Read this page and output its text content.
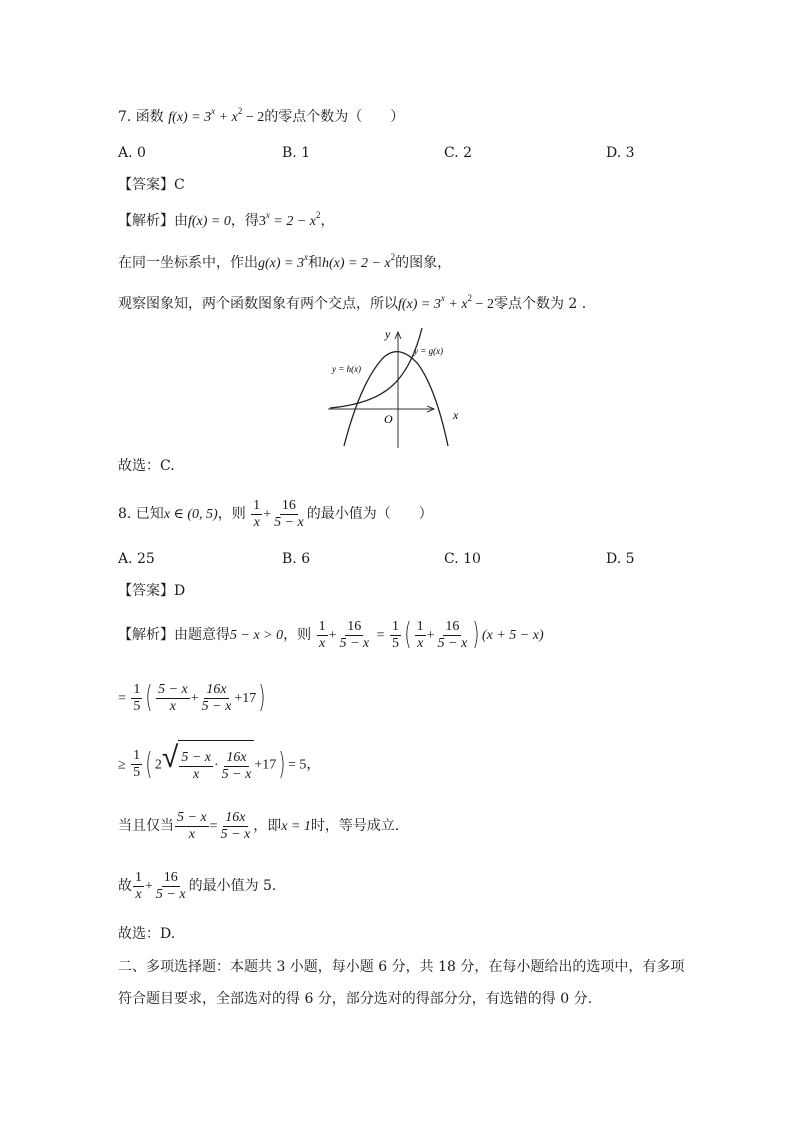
7. 函数 $f(x) = 3^x + x^2 - 2$的零点个数为（　　）
A. 0	B. 1	C. 2	D. 3
【答案】C
【解析】由f(x) = 0，得$3^x = 2 - x^2$，
在同一坐标系中，作出$g(x) = 3^x$和$h(x) = 2 - x^2$的图象，
观察图象知，两个函数图象有两个交点，所以$f(x) = 3^x + x^2 - 2$零点个数为 2 .
y = h(x)
y = g(x)
x
y
O
故选：C.
8. 已知x ∈ (0, 5)，则 $\frac{1}{x} + \frac{16}{5 - x}$ 的最小值为（　　）
A. 25	B. 6	C. 10	D. 5
【答案】D
【解析】由题意得5 − x > 0，则 $\frac{1}{x} + \frac{16}{5 - x} = \frac{1}{5}$ ( $\frac{1}{x} + \frac{16}{5 - x}$ ) (x + 5 − x)
= $\frac{1}{5}$ ( $\frac{5 - x}{x} + \frac{16x}{5 - x} +17$)
≥ $\frac{1}{5}$ ( 2 √ $\frac{5 - x}{x} \cdot \frac{16x}{5 - x} +17) = 5$，
当且仅当 $\frac{5 - x}{x} = \frac{16x}{5 - x}$ ，即x = 1时，等号成立.
故 $\frac{1}{x} + \frac{16}{5 - x}$ 的最小值为 5.
故选：D.
二、多项选择题：本题共 3 小题，每小题 6 分，共 18 分，在每小题给出的选项中，有多项
符合题目要求，全部选对的得 6 分，部分选对的得部分分，有选错的得 0 分.
